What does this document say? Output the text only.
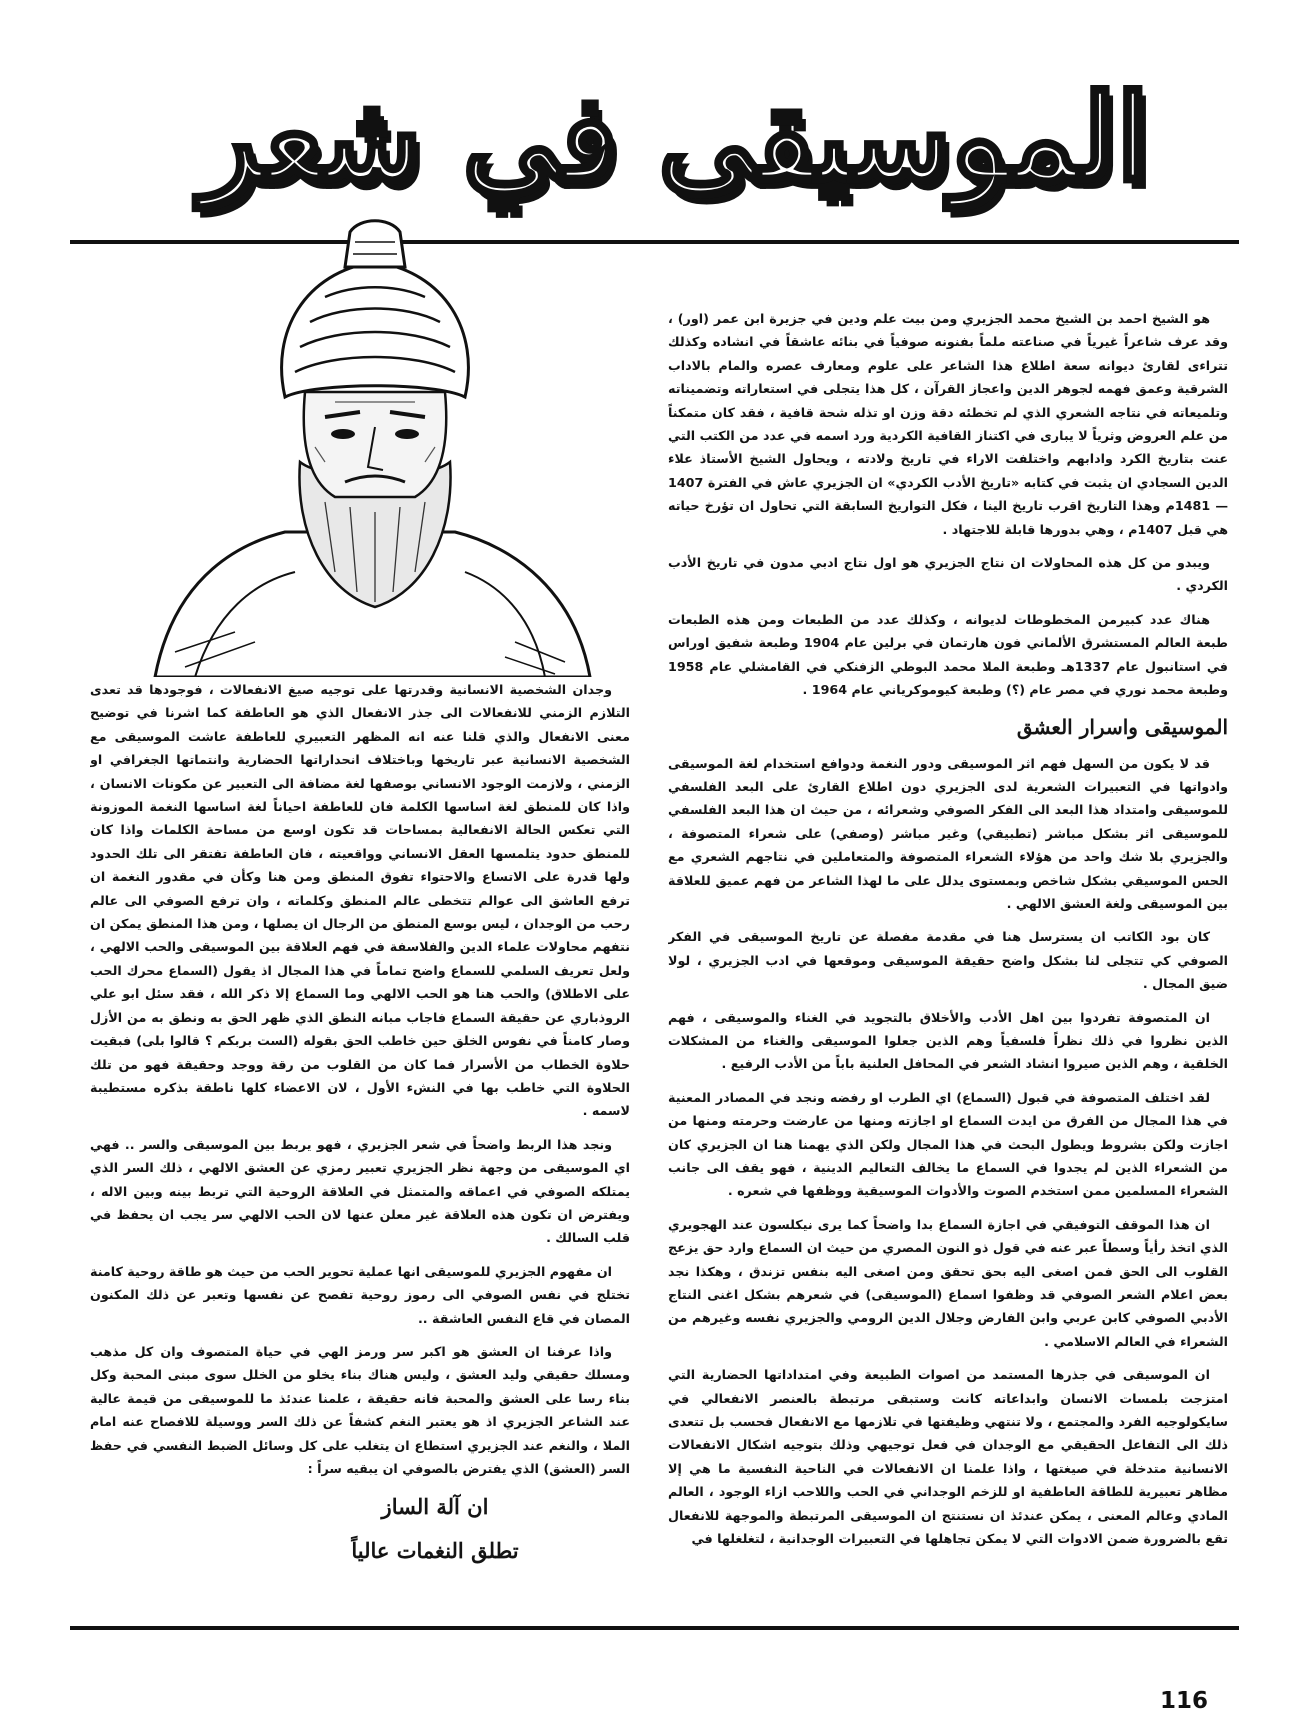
الموسيقى في شعر

هو الشيخ احمد بن الشيخ محمد الجزيري ومن بيت علم ودين في جزيرة ابن عمر (اور) ، وقد عرف شاعراً غيرياً في صناعته ملماً بفنونه صوفياً في بنائه عاشقاً في انشاده وكذلك تتراءى لقارئ ديوانه سعة اطلاع هذا الشاعر على علوم ومعارف عصره والمام بالاداب الشرقية وعمق فهمه لجوهر الدين واعجاز القرآن ، كل هذا يتجلى في استعاراته وتضميناته وتلميعاته في نتاجه الشعري الذي لم تخطئه دقة وزن او تذله شحة قافية ، فقد كان متمكناً من علم العروض وثرياً لا يبارى في اكتناز القافية الكردية ورد اسمه في عدد من الكتب التي عنت بتاريخ الكرد وادابهم واختلفت الاراء في تاريخ ولادته ، ويحاول الشيخ الأستاذ علاء الدين السجادي ان يثبت في كتابه «تاريخ الأدب الكردي» ان الجزيري عاش في الفترة 1407 — 1481م وهذا التاريخ اقرب تاريخ الينا ، فكل التواريخ السابقة التي تحاول ان تؤرخ حياته هي قبل 1407م ، وهي بدورها قابلة للاجتهاد .

ويبدو من كل هذه المحاولات ان نتاج الجزيري هو اول نتاج ادبي مدون في تاريخ الأدب الكردي .

هناك عدد كبيرمن المخطوطات لديوانه ، وكذلك عدد من الطبعات ومن هذه الطبعات طبعة العالم المستشرق الألماني فون هارتمان في برلين عام 1904 وطبعة شفيق اوراس في استانبول عام 1337هـ وطبعة الملا محمد البوطي الزفنكي في القامشلي عام 1958 وطبعة محمد نوري في مصر عام (؟) وطبعة كيوموكرياني عام 1964 .

الموسيقى واسرار العشق

قد لا يكون من السهل فهم اثر الموسيقى ودور النغمة ودوافع استخدام لغة الموسيقى وادواتها في التعبيرات الشعرية لدى الجزيري دون اطلاع القارئ على البعد الفلسفي للموسيقى وامتداد هذا البعد الى الفكر الصوفي وشعرائه ، من حيث ان هذا البعد الفلسفي للموسيقى اثر بشكل مباشر (تطبيقي) وغير مباشر (وصفي) على شعراء المتصوفة ، والجزيري بلا شك واحد من هؤلاء الشعراء المتصوفة والمتعاملين في نتاجهم الشعري مع الحس الموسيقي بشكل شاخص وبمستوى يدلل على ما لهذا الشاعر من فهم عميق للعلاقة بين الموسيقى ولغة العشق الالهي .

كان بود الكاتب ان يسترسل هنا في مقدمة مفصلة عن تاريخ الموسيقى في الفكر الصوفي كي تتجلى لنا بشكل واضح حقيقة الموسيقى وموقعها في ادب الجزيري ، لولا ضيق المجال .

ان المتصوفة تفردوا بين اهل الأدب والأخلاق بالتجويد في الغناء والموسيقى ، فهم الذين نظروا في ذلك نظراً فلسفياً وهم الذين جعلوا الموسيقى والغناء من المشكلات الخلقية ، وهم الذين صيروا انشاد الشعر في المحافل العلنية باباً من الأدب الرفيع .

لقد اختلف المتصوفة في قبول (السماع) اي الطرب او رفضه ونجد في المصادر المعنية في هذا المجال من الفرق من ايدت السماع او اجازته ومنها من عارضت وحرمته ومنها من اجازت ولكن بشروط ويطول البحث في هذا المجال ولكن الذي يهمنا هنا ان الجزيري كان من الشعراء الذين لم يجدوا في السماع ما يخالف التعاليم الدينية ، فهو يقف الى جانب الشعراء المسلمين ممن استخدم الصوت والأدوات الموسيقية ووظفها في شعره .

ان هذا الموقف التوفيقي في اجازة السماع بدا واضحاً كما يرى نيكلسون عند الهجويري الذي اتخذ رأياً وسطاً عبر عنه في قول ذو النون المصري من حيث ان السماع وارد حق يزعج القلوب الى الحق فمن اصغى اليه بحق تحقق ومن اصغى اليه بنفس تزندق ، وهكذا نجد بعض اعلام الشعر الصوفي قد وظفوا اسماع (الموسيقى) في شعرهم بشكل اغنى النتاج الأدبي الصوفي كابن عربي وابن الفارض وجلال الدين الرومي والجزيري نفسه وغيرهم من الشعراء في العالم الاسلامي .

ان الموسيقى في جذرها المستمد من اصوات الطبيعة وفي امتداداتها الحضارية التي امتزجت بلمسات الانسان وابداعاته كانت وستبقى مرتبطة بالعنصر الانفعالي في سايكولوجيه الفرد والمجتمع ، ولا تنتهي وظيفتها في تلازمها مع الانفعال فحسب بل تتعدى ذلك الى التفاعل الحقيقي مع الوجدان في فعل توجيهي وذلك بتوجيه اشكال الانفعالات الانسانية متدخلة في صيغتها ، واذا علمنا ان الانفعالات في الناحية النفسية ما هي إلا مظاهر تعبيرية للطاقة العاطفية او للزخم الوجداني في الحب واللاحب ازاء الوجود ، العالم المادي وعالم المعنى ، يمكن عندئذ ان نستنتج ان الموسيقى المرتبطة والموجهة للانفعال تقع بالضرورة ضمن الادوات التي لا يمكن تجاهلها في التعبيرات الوجدانية ، لتغلغلها في

وجدان الشخصية الانسانية وقدرتها على توجيه صيغ الانفعالات ، فوجودها قد تعدى التلازم الزمني للانفعالات الى جذر الانفعال الذي هو العاطفة كما اشرنا في توضيح معنى الانفعال والذي قلنا عنه انه المظهر التعبيري للعاطفة عاشت الموسيقى مع الشخصية الانسانية عبر تاريخها وباختلاف انحداراتها الحضارية وانتماتها الجغرافي او الزمني ، ولازمت الوجود الانساني بوصفها لغة مضافة الى التعبير عن مكونات الانسان ، واذا كان للمنطق لغة اساسها الكلمة فان للعاطفة احياناً لغة اساسها النغمة الموزونة التي تعكس الحالة الانفعالية بمساحات قد تكون اوسع من مساحة الكلمات واذا كان للمنطق حدود يتلمسها العقل الانساني وواقعيته ، فان العاطفة تفتقر الى تلك الحدود ولها قدرة على الاتساع والاحتواء تفوق المنطق ومن هنا وكأن في مقدور النغمة ان ترفع العاشق الى عوالم تتخطى عالم المنطق وكلماته ، وان ترفع الصوفي الى عالم رحب من الوجدان ، ليس بوسع المنطق من الرجال ان يصلها ، ومن هذا المنطق يمكن ان نتفهم محاولات علماء الدين والفلاسفة في فهم العلاقة بين الموسيقى والحب الالهي ، ولعل تعريف السلمي للسماع واضح تماماً في هذا المجال اذ يقول (السماع محرك الحب على الاطلاق) والحب هنا هو الحب الالهي وما السماع إلا ذكر الله ، فقد سئل ابو علي الروذباري عن حقيقة السماع فاجاب مبانه النطق الذي ظهر الحق به ونطق به من الأزل وصار كامناً في نفوس الخلق حين خاطب الحق بقوله (الست بربكم ؟ قالوا بلى) فبقيت حلاوة الخطاب من الأسرار فما كان من القلوب من رقة ووجد وحقيقة فهو من تلك الحلاوة التي خاطب بها في النشء الأول ، لان الاعضاء كلها ناطقة بذكره مستطيبة لاسمه .

ونجد هذا الربط واضحاً في شعر الجزيري ، فهو يربط بين الموسيقى والسر .. فهي اي الموسيقى من وجهة نظر الجزيري تعبير رمزي عن العشق الالهي ، ذلك السر الذي يمتلكه الصوفي في اعماقه والمتمثل في العلاقة الروحية التي تربط بينه وبين الاله ، ويفترض ان تكون هذه العلاقة غير معلن عنها لان الحب الالهي سر يجب ان يحفظ في قلب السالك .

ان مفهوم الجزيري للموسيقى انها عملية تحوير الحب من حيث هو طاقة روحية كامنة تختلج في نفس الصوفي الى رموز روحية تفصح عن نفسها وتعبر عن ذلك المكنون المصان في قاع النفس العاشقة ..

واذا عرفنا ان العشق هو اكبر سر ورمز الهي في حياة المتصوف وان كل مذهب ومسلك حقيقي وليد العشق ، وليس هناك بناء يخلو من الخلل سوى مبنى المحبة وكل بناء رسا على العشق والمحبة فانه حقيقة ، علمنا عندئذ ما للموسيقى من قيمة عالية عند الشاعر الجزيري اذ هو يعتبر النغم كشفاً عن ذلك السر ووسيلة للافصاح عنه امام الملا ، والنغم عند الجزيري استطاع ان يتغلب على كل وسائل الضبط النفسي في حفظ السر (العشق) الذي يفترض بالصوفي ان يبقيه سراً :

ان آلة الساز

تطلق النغمات عالياً

116
